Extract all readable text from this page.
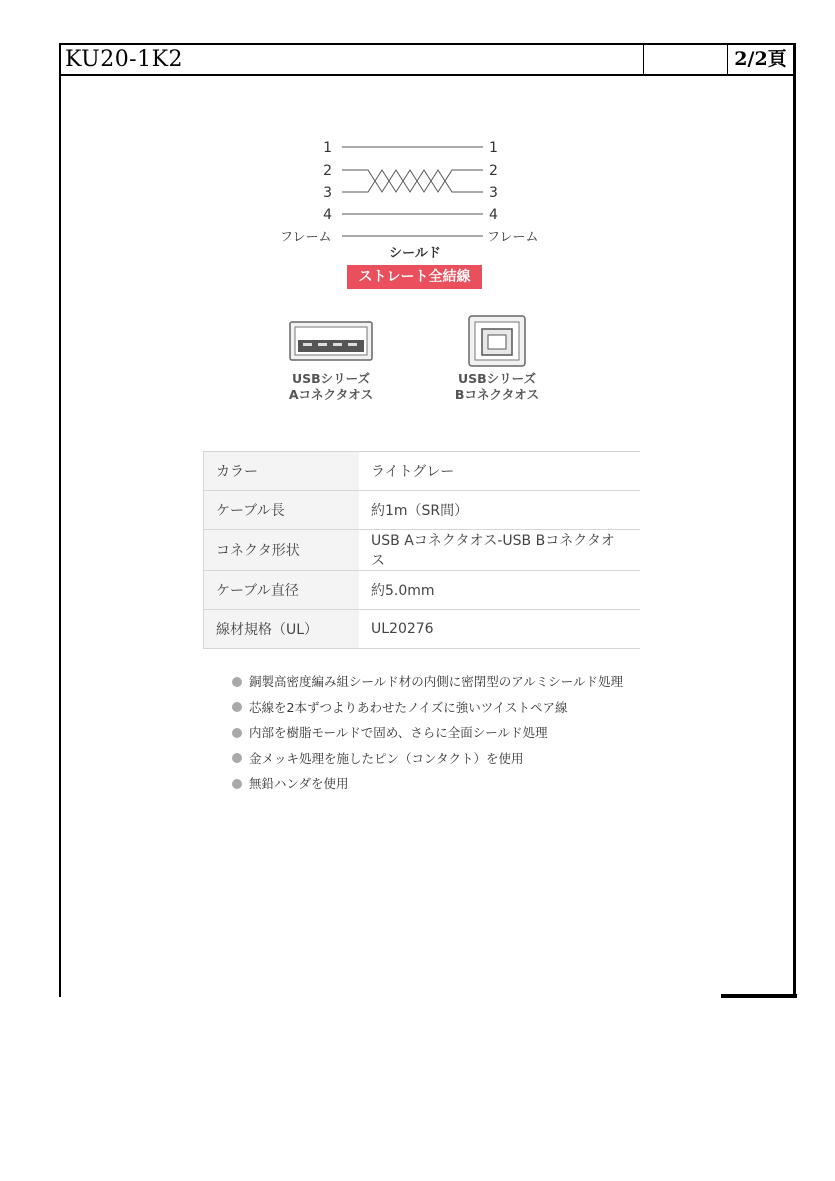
KU20-1K2	2/2頁
1
2
3
4
1
2
3
4
フレーム	フレーム
シールド
ストレート全結線
USBシリーズ
Aコネクタオス
USBシリーズ
Bコネクタオス
カラー	ライトグレー
ケーブル長	約1m（SR間）
コネクタ形状	USB Aコネクタオス-USB Bコネクタオス
ケーブル直径	約5.0mm
線材規格（UL）	UL20276
銅製高密度編み組シールド材の内側に密閉型のアルミシールド処理
芯線を2本ずつよりあわせたノイズに強いツイストペア線
内部を樹脂モールドで固め、さらに全面シールド処理
金メッキ処理を施したピン（コンタクト）を使用
無鉛ハンダを使用
